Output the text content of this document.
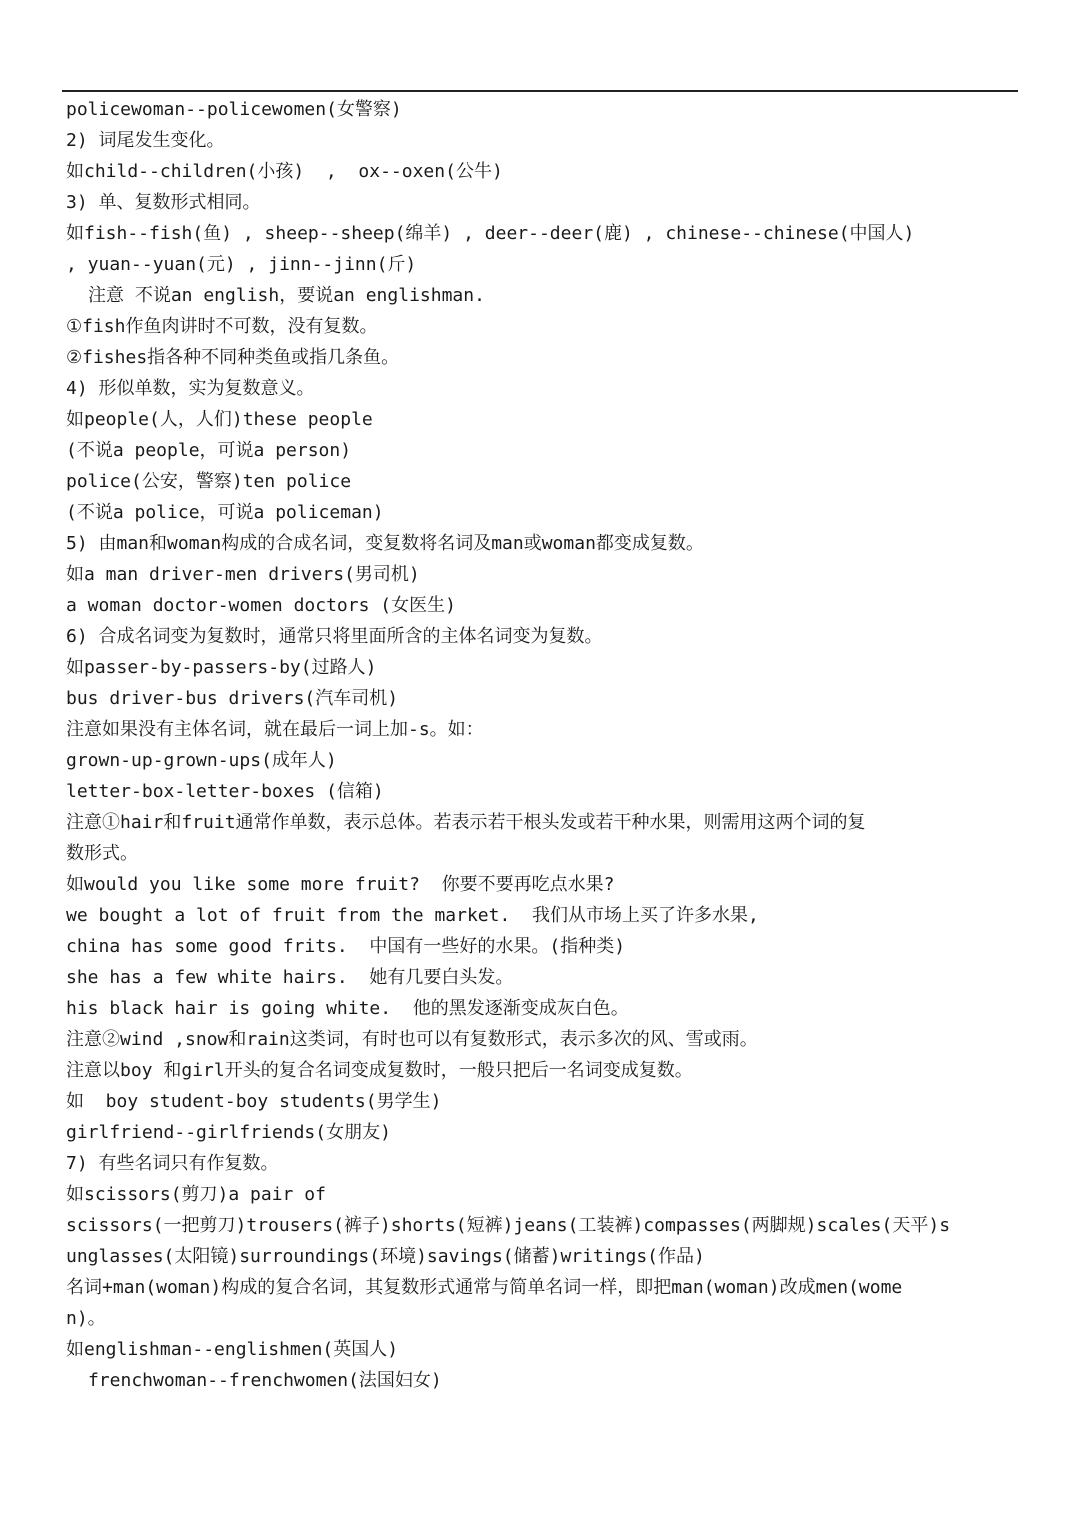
policewoman--policewomen(女警察)
2) 词尾发生变化。
如child--children(小孩)  ,  ox--oxen(公牛)
3) 单、复数形式相同。
如fish--fish(鱼) , sheep--sheep(绵羊) , deer--deer(鹿) , chinese--chinese(中国人)
, yuan--yuan(元) , jinn--jinn(斤)
注意 不说an english，要说an englishman.
①fish作鱼肉讲时不可数，没有复数。
②fishes指各种不同种类鱼或指几条鱼。
4) 形似单数，实为复数意义。
如people(人，人们)these people
(不说a people，可说a person)
police(公安，警察)ten police
(不说a police，可说a policeman)
5) 由man和woman构成的合成名词，变复数将名词及man或woman都变成复数。
如a man driver-men drivers(男司机)
a woman doctor-women doctors (女医生)
6) 合成名词变为复数时，通常只将里面所含的主体名词变为复数。
如passer-by-passers-by(过路人)
bus driver-bus drivers(汽车司机)
注意如果没有主体名词，就在最后一词上加-s。如：
grown-up-grown-ups(成年人)
letter-box-letter-boxes (信箱)
注意①hair和fruit通常作单数，表示总体。若表示若干根头发或若干种水果，则需用这两个词的复
数形式。
如would you like some more fruit?  你要不要再吃点水果?
we bought a lot of fruit from the market.  我们从市场上买了许多水果,
china has some good frits.  中国有一些好的水果。(指种类)
she has a few white hairs.  她有几要白头发。
his black hair is going white.  他的黑发逐渐变成灰白色。
注意②wind ,snow和rain这类词，有时也可以有复数形式，表示多次的风、雪或雨。
注意以boy 和girl开头的复合名词变成复数时，一般只把后一名词变成复数。
如  boy student-boy students(男学生)
girlfriend--girlfriends(女朋友)
7) 有些名词只有作复数。
如scissors(剪刀)a pair of
scissors(一把剪刀)trousers(裤子)shorts(短裤)jeans(工装裤)compasses(两脚规)scales(天平)s
unglasses(太阳镜)surroundings(环境)savings(储蓄)writings(作品)
名词+man(woman)构成的复合名词，其复数形式通常与简单名词一样，即把man(woman)改成men(wome
n)。
如englishman--englishmen(英国人)
frenchwoman--frenchwomen(法国妇女)
